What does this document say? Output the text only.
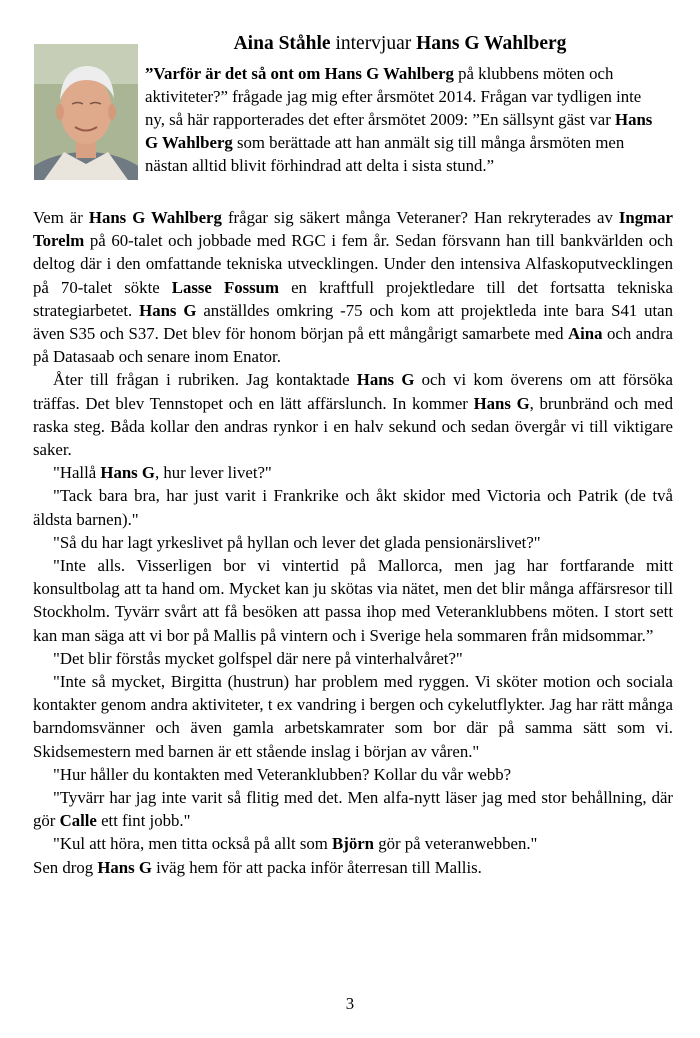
Aina Ståhle intervjuar Hans G Wahlberg

”Varför är det så ont om Hans G Wahlberg på klubbens möten och aktiviteter?” frågade jag mig efter årsmötet 2014. Frågan var tydligen inte ny, så här rapporterades det efter årsmötet 2009: ”En sällsynt gäst var Hans G Wahlberg som berättade att han anmält sig till många årsmöten men nästan alltid blivit förhindrad att delta i sista stund.”

Vem är Hans G Wahlberg frågar sig säkert många Veteraner? Han rekryterades av Ingmar Torelm på 60-talet och jobbade med RGC i fem år. Sedan försvann han till bankvärlden och deltog där i den omfattande tekniska utvecklingen. Under den intensiva Alfaskoputvecklingen på 70-talet sökte Lasse Fossum en kraftfull projektledare till det fortsatta tekniska strategiarbetet. Hans G anställdes omkring -75 och kom att projektleda inte bara S41 utan även S35 och S37. Det blev för honom början på ett mångårigt samarbete med Aina och andra på Datasaab och senare inom Enator.

Åter till frågan i rubriken. Jag kontaktade Hans G och vi kom överens om att försöka träffas. Det blev Tennstopet och en lätt affärslunch. In kommer Hans G, brunbränd och med raska steg. Båda kollar den andras rynkor i en halv sekund och sedan övergår vi till viktigare saker.

"Hallå Hans G, hur lever livet?"

"Tack bara bra, har just varit i Frankrike och åkt skidor med Victoria och Patrik (de två äldsta barnen)."

"Så du har lagt yrkeslivet på hyllan och lever det glada pensionärslivet?"

"Inte alls. Visserligen bor vi vintertid på Mallorca, men jag har fortfarande mitt konsultbolag att ta hand om. Mycket kan ju skötas via nätet, men det blir många affärsresor till Stockholm. Tyvärr svårt att få besöken att passa ihop med Veteranklubbens möten. I stort sett kan man säga att vi bor på Mallis på vintern och i Sverige hela sommaren från midsommar.”

"Det blir förstås mycket golfspel där nere på vinterhalvåret?"

"Inte så mycket, Birgitta (hustrun) har problem med ryggen. Vi sköter motion och sociala kontakter genom andra aktiviteter, t ex vandring i bergen och cykelutflykter. Jag har rätt många barndomsvänner och även gamla arbetskamrater som bor där på samma sätt som vi. Skidsemestern med barnen är ett stående inslag i början av våren."

"Hur håller du kontakten med Veteranklubben? Kollar du vår webb?

"Tyvärr har jag inte varit så flitig med det. Men alfa-nytt läser jag med stor behållning, där gör Calle ett fint jobb."

"Kul att höra, men titta också på allt som Björn gör på veteranwebben."

Sen drog Hans G iväg hem för att packa inför återresan till Mallis.

3
